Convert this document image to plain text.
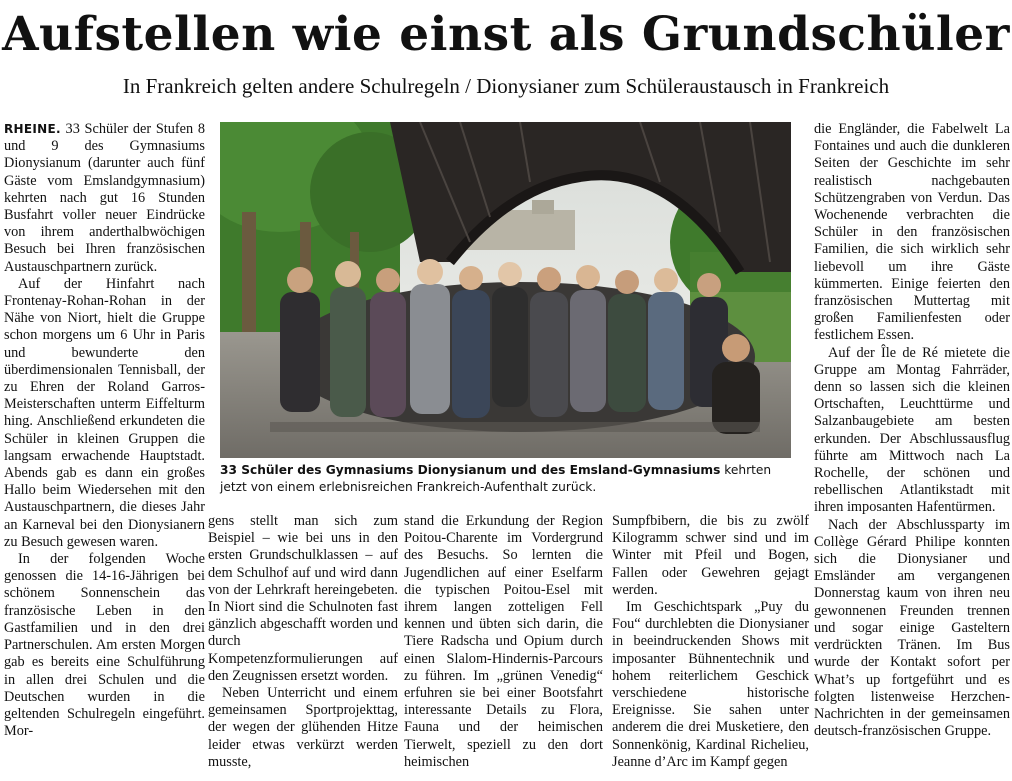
Aufstellen wie einst als Grundschüler
In Frankreich gelten andere Schulregeln / Dionysianer zum Schüleraustausch in Frankreich

RHEINE. 33 Schüler der Stufen 8 und 9 des Gymnasiums Dionysianum (darunter auch fünf Gäste vom Emslandgymnasium) kehrten nach gut 16 Stunden Busfahrt voller neuer Eindrücke von ihrem anderthalbwöchigen Besuch bei Ihren französischen Austauschpartnern zurück.

Auf der Hinfahrt nach Frontenay-Rohan-Rohan in der Nähe von Niort, hielt die Gruppe schon morgens um 6 Uhr in Paris und bewunderte den überdimensionalen Tennisball, der zu Ehren der Roland Garros-Meisterschaften unterm Eiffelturm hing. Anschließend erkundeten die Schüler in kleinen Gruppen die langsam erwachende Hauptstadt. Abends gab es dann ein großes Hallo beim Wiedersehen mit den Austauschpartnern, die dieses Jahr an Karneval bei den Dionysianern zu Besuch gewesen waren.

In der folgenden Woche genossen die 14-16-Jährigen bei schönem Sonnenschein das französische Leben in den Gastfamilien und in den drei Partnerschulen. Am ersten Morgen gab es bereits eine Schulführung in allen drei Schulen und die Deutschen wurden in die geltenden Schulregeln eingeführt. Mor-

33 Schüler des Gymnasiums Dionysianum und des Emsland-Gymnasiums kehrten jetzt von einem erlebnisreichen Frankreich-Aufenthalt zurück.

gens stellt man sich zum Beispiel – wie bei uns in den ersten Grundschulklassen – auf dem Schulhof auf und wird dann von der Lehrkraft hereingebeten. In Niort sind die Schulnoten fast gänzlich abgeschafft worden und durch Kompetenzformulierungen auf den Zeugnissen ersetzt worden.

Neben Unterricht und einem gemeinsamen Sportprojekttag, der wegen der glühenden Hitze leider etwas verkürzt werden musste,

stand die Erkundung der Region Poitou-Charente im Vordergrund des Besuchs. So lernten die Jugendlichen auf einer Eselfarm die typischen Poitou-Esel mit ihrem langen zotteligen Fell kennen und übten sich darin, die Tiere Radscha und Opium durch einen Slalom-Hindernis-Parcours zu führen. Im „grünen Venedig“ erfuhren sie bei einer Bootsfahrt interessante Details zu Flora, Fauna und der heimischen Tierwelt, speziell zu den dort heimischen

Sumpfbibern, die bis zu zwölf Kilogramm schwer sind und im Winter mit Pfeil und Bogen, Fallen oder Gewehren gejagt werden.

Im Geschichtspark „Puy du Fou“ durchlebten die Dionysianer in beeindruckenden Shows mit imposanter Bühnentechnik und hohem reiterlichem Geschick verschiedene historische Ereignisse. Sie sahen unter anderem die drei Musketiere, den Sonnenkönig, Kardinal Richelieu, Jeanne d’Arc im Kampf gegen

die Engländer, die Fabelwelt La Fontaines und auch die dunkleren Seiten der Geschichte im sehr realistisch nachgebauten Schützengraben von Verdun. Das Wochenende verbrachten die Schüler in den französischen Familien, die sich wirklich sehr liebevoll um ihre Gäste kümmerten. Einige feierten den französischen Muttertag mit großen Familienfesten oder festlichem Essen.

Auf der Île de Ré mietete die Gruppe am Montag Fahrräder, denn so lassen sich die kleinen Ortschaften, Leuchttürme und Salzanbaugebiete am besten erkunden. Der Abschlussausflug führte am Mittwoch nach La Rochelle, der schönen und rebellischen Atlantikstadt mit ihren imposanten Hafentürmen.

Nach der Abschlussparty im Collège Gérard Philipe konnten sich die Dionysianer und Emsländer am vergangenen Donnerstag kaum von ihren neu gewonnenen Freunden trennen und sogar einige Gasteltern verdrückten Tränen. Im Bus wurde der Kontakt sofort per What’s up fortgeführt und es folgten listenweise Herzchen-Nachrichten in der gemeinsamen deutsch-französischen Gruppe.
